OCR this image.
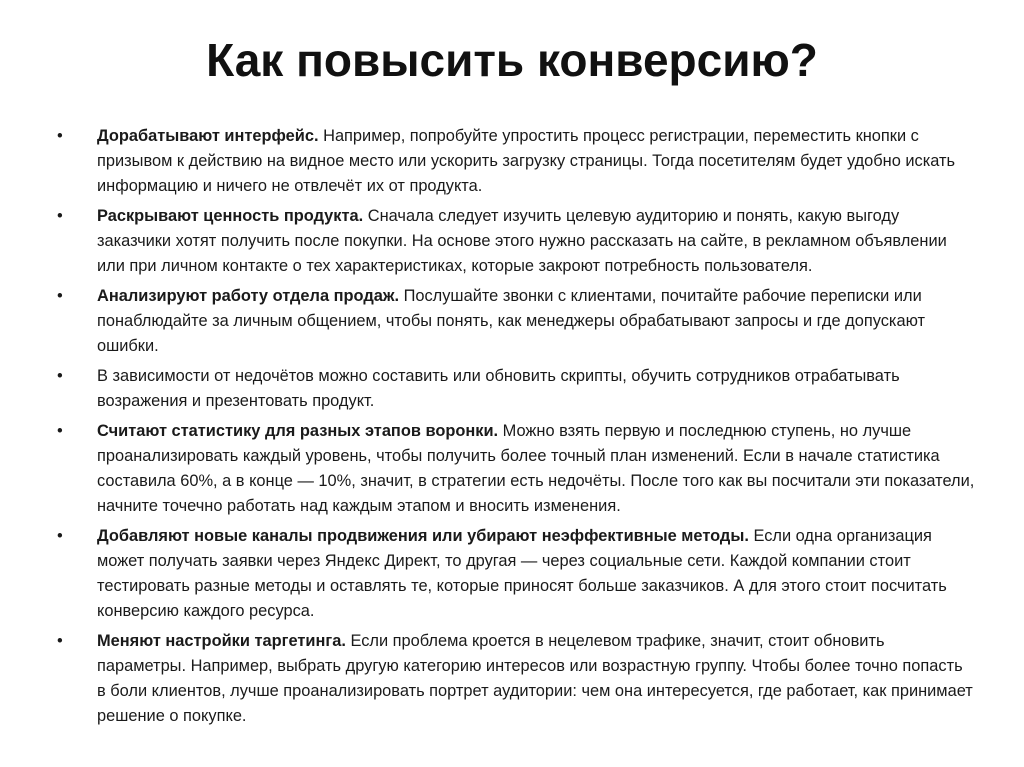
Как повысить конверсию?
•	Дорабатывают интерфейс. Например, попробуйте упростить процесс регистрации, переместить кнопки с призывом к действию на видное место или ускорить загрузку страницы. Тогда посетителям будет удобно искать информацию и ничего не отвлечёт их от продукта.
•	Раскрывают ценность продукта. Сначала следует изучить целевую аудиторию и понять, какую выгоду заказчики хотят получить после покупки. На основе этого нужно рассказать на сайте, в рекламном объявлении или при личном контакте о тех характеристиках, которые закроют потребность пользователя.
•	Анализируют работу отдела продаж. Послушайте звонки с клиентами, почитайте рабочие переписки или понаблюдайте за личным общением, чтобы понять, как менеджеры обрабатывают запросы и где допускают ошибки.
•	В зависимости от недочётов можно составить или обновить скрипты, обучить сотрудников отрабатывать возражения и презентовать продукт.
•	Считают статистику для разных этапов воронки. Можно взять первую и последнюю ступень, но лучше проанализировать каждый уровень, чтобы получить более точный план изменений. Если в начале статистика составила 60%, а в конце — 10%, значит, в стратегии есть недочёты. После того как вы посчитали эти показатели, начните точечно работать над каждым этапом и вносить изменения.
•	Добавляют новые каналы продвижения или убирают неэффективные методы. Если одна организация может получать заявки через Яндекс Директ, то другая — через социальные сети. Каждой компании стоит тестировать разные методы и оставлять те, которые приносят больше заказчиков. А для этого стоит посчитать конверсию каждого ресурса.
•	Меняют настройки таргетинга. Если проблема кроется в нецелевом трафике, значит, стоит обновить параметры. Например, выбрать другую категорию интересов или возрастную группу. Чтобы более точно попасть в боли клиентов, лучше проанализировать портрет аудитории: чем она интересуется, где работает, как принимает решение о покупке.
